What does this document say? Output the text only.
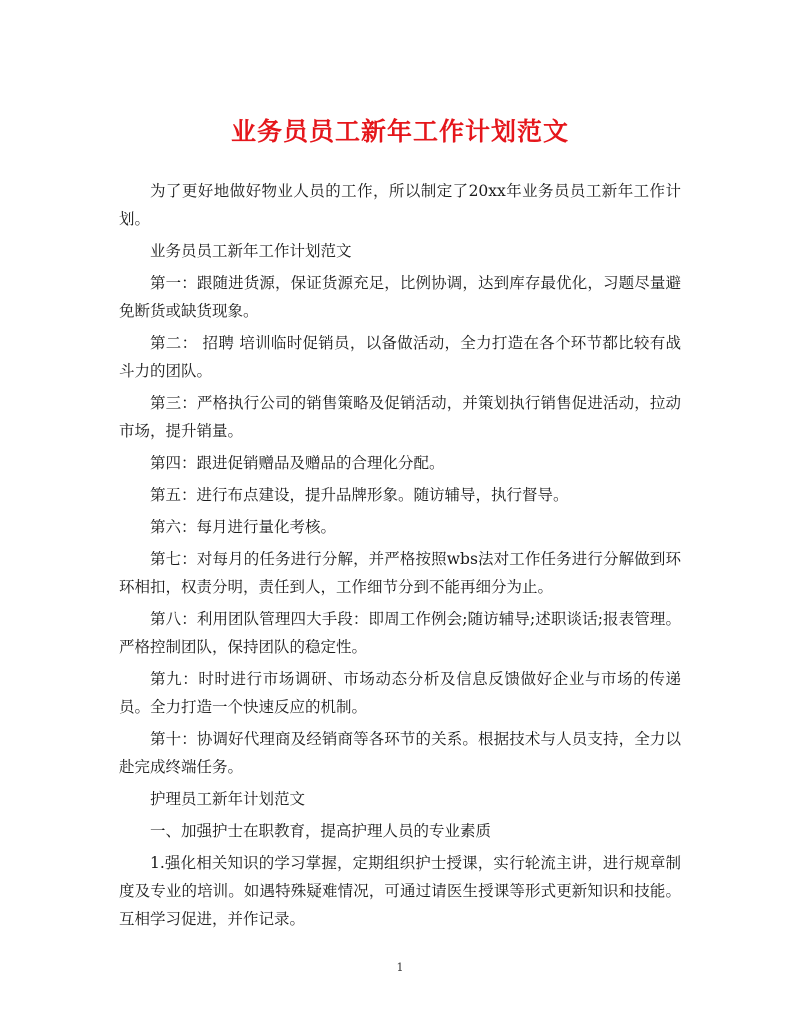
业务员员工新年工作计划范文

为了更好地做好物业人员的工作，所以制定了20xx年业务员员工新年工作计划。

业务员员工新年工作计划范文

第一：跟随进货源，保证货源充足，比例协调，达到库存最优化，习题尽量避免断货或缺货现象。

第二： 招聘 培训临时促销员，以备做活动，全力打造在各个环节都比较有战斗力的团队。

第三：严格执行公司的销售策略及促销活动，并策划执行销售促进活动，拉动市场，提升销量。

第四：跟进促销赠品及赠品的合理化分配。

第五：进行布点建设，提升品牌形象。随访辅导，执行督导。

第六：每月进行量化考核。

第七：对每月的任务进行分解，并严格按照wbs法对工作任务进行分解做到环环相扣，权责分明，责任到人，工作细节分到不能再细分为止。

第八：利用团队管理四大手段：即周工作例会;随访辅导;述职谈话;报表管理。严格控制团队，保持团队的稳定性。

第九：时时进行市场调研、市场动态分析及信息反馈做好企业与市场的传递员。全力打造一个快速反应的机制。

第十：协调好代理商及经销商等各环节的关系。根据技术与人员支持，全力以赴完成终端任务。

护理员工新年计划范文

一、加强护士在职教育，提高护理人员的专业素质

1.强化相关知识的学习掌握，定期组织护士授课，实行轮流主讲，进行规章制度及专业的培训。如遇特殊疑难情况，可通过请医生授课等形式更新知识和技能。互相学习促进，并作记录。

1
